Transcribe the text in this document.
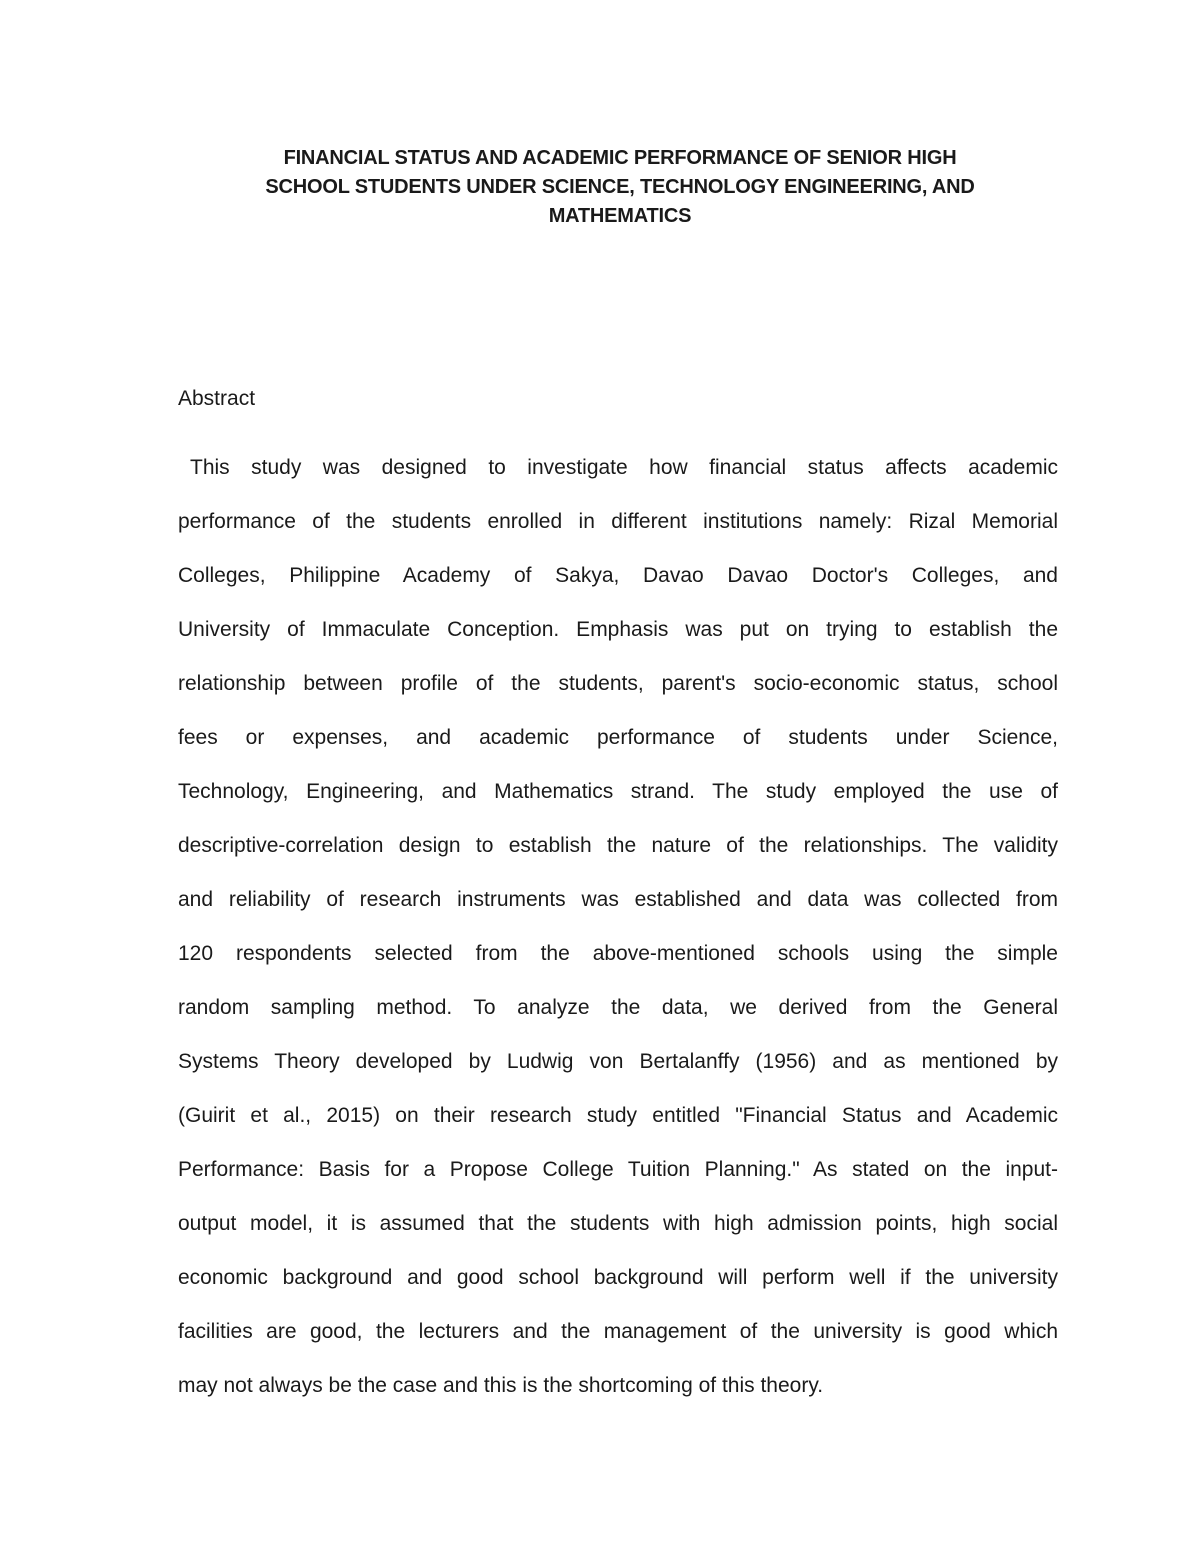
FINANCIAL STATUS AND ACADEMIC PERFORMANCE OF SENIOR HIGH
SCHOOL STUDENTS UNDER SCIENCE, TECHNOLOGY ENGINEERING, AND
MATHEMATICS
Abstract
This study was designed to investigate how financial status affects academic
performance of the students enrolled in different institutions namely: Rizal Memorial
Colleges, Philippine Academy of Sakya, Davao Davao Doctor's Colleges, and
University of Immaculate Conception. Emphasis was put on trying to establish the
relationship between profile of the students, parent's socio-economic status, school
fees or expenses, and academic performance of students under Science,
Technology, Engineering, and Mathematics strand. The study employed the use of
descriptive-correlation design to establish the nature of the relationships. The validity
and reliability of research instruments was established and data was collected from
120 respondents selected from the above-mentioned schools using the simple
random sampling method. To analyze the data, we derived from the General
Systems Theory developed by Ludwig von Bertalanffy (1956) and as mentioned by
(Guirit et al., 2015) on their research study entitled "Financial Status and Academic
Performance: Basis for a Propose College Tuition Planning." As stated on the input-
output model, it is assumed that the students with high admission points, high social
economic background and good school background will perform well if the university
facilities are good, the lecturers and the management of the university is good which
may not always be the case and this is the shortcoming of this theory.
